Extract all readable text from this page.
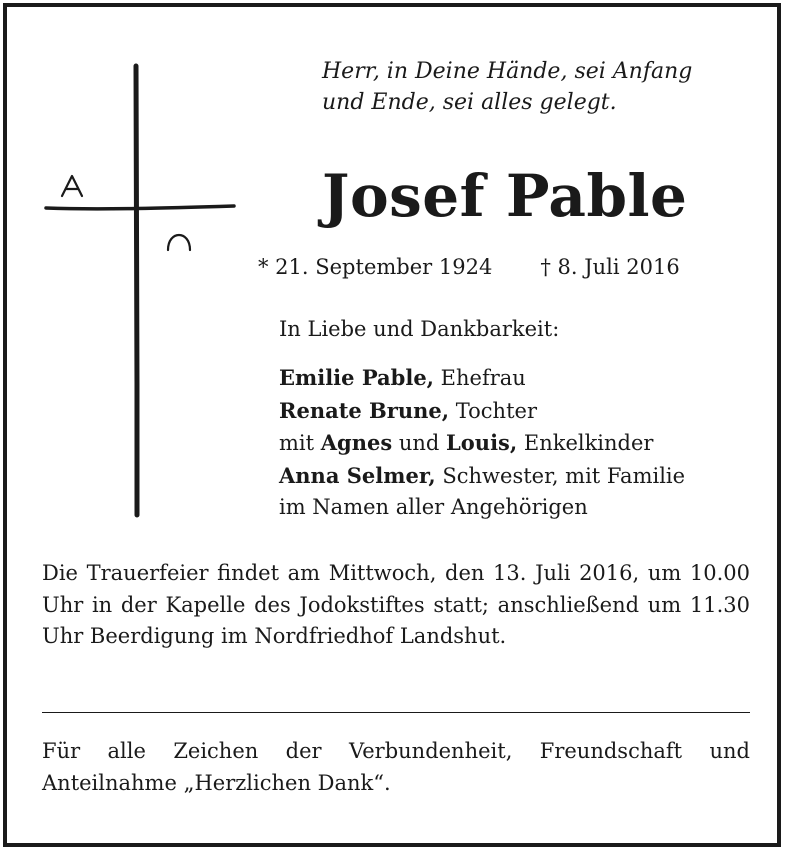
Herr, in Deine Hände, sei Anfang
und Ende, sei alles gelegt.
Josef Pable
* 21. September 1924 † 8. Juli 2016
In Liebe und Dankbarkeit:
Emilie Pable, Ehefrau
Renate Brune, Tochter
mit Agnes und Louis, Enkelkinder
Anna Selmer, Schwester, mit Familie
im Namen aller Angehörigen
Die Trauerfeier findet am Mittwoch, den 13. Juli 2016, um 10.00 Uhr in der Kapelle des Jodokstiftes statt; anschließend um 11.30 Uhr Beerdigung im Nordfriedhof Landshut.
Für alle Zeichen der Verbundenheit, Freundschaft und Anteilnahme „Herzlichen Dank“.
